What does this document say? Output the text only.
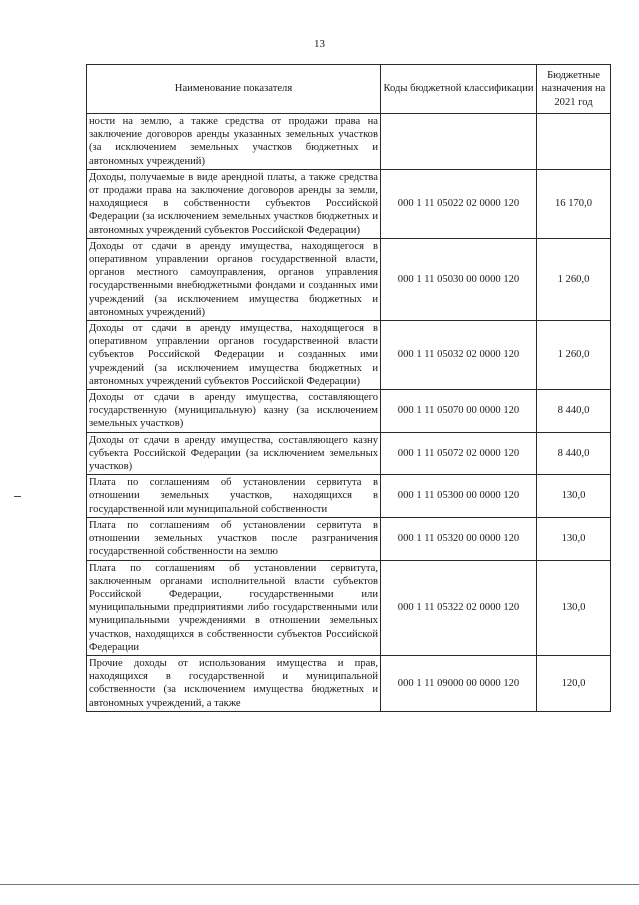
13
Наименование показателя	Коды бюджетной классификации	Бюджетные назначения на 2021 год
ности на землю, а также средства от продажи права на заключение договоров аренды указанных земельных участков (за исключением земельных участков бюджетных и автономных учреждений)		
Доходы, получаемые в виде арендной платы, а также средства от продажи права на заключение договоров аренды за земли, находящиеся в собственности субъектов Российской Федерации (за исключением земельных участков бюджетных и автономных учреждений субъектов Российской Федерации)	000 1 11 05022 02 0000 120	16 170,0
Доходы от сдачи в аренду имущества, находящегося в оперативном управлении органов государственной власти, органов местного самоуправления, органов управления государственными внебюджетными фондами и созданных ими учреждений (за исключением имущества бюджетных и автономных учреждений)	000 1 11 05030 00 0000 120	1 260,0
Доходы от сдачи в аренду имущества, находящегося в оперативном управлении органов государственной власти субъектов Российской Федерации и созданных ими учреждений (за исключением имущества бюджетных и автономных учреждений субъектов Российской Федерации)	000 1 11 05032 02 0000 120	1 260,0
Доходы от сдачи в аренду имущества, составляющего государственную (муниципальную) казну (за исключением земельных участков)	000 1 11 05070 00 0000 120	8 440,0
Доходы от сдачи в аренду имущества, составляющего казну субъекта Российской Федерации (за исключением земельных участков)	000 1 11 05072 02 0000 120	8 440,0
Плата по соглашениям об установлении сервитута в отношении земельных участков, находящихся в государственной или муниципальной собственности	000 1 11 05300 00 0000 120	130,0
Плата по соглашениям об установлении сервитута в отношении земельных участков после разграничения государственной собственности на землю	000 1 11 05320 00 0000 120	130,0
Плата по соглашениям об установлении сервитута, заключенным органами исполнительной власти субъектов Российской Федерации, государственными или муниципальными предприятиями либо государственными или муниципальными учреждениями в отношении земельных участков, находящихся в собственности субъектов Российской Федерации	000 1 11 05322 02 0000 120	130,0
Прочие доходы от использования имущества и прав, находящихся в государственной и муниципальной собственности (за исключением имущества бюджетных и автономных учреждений, а также	000 1 11 09000 00 0000 120	120,0
